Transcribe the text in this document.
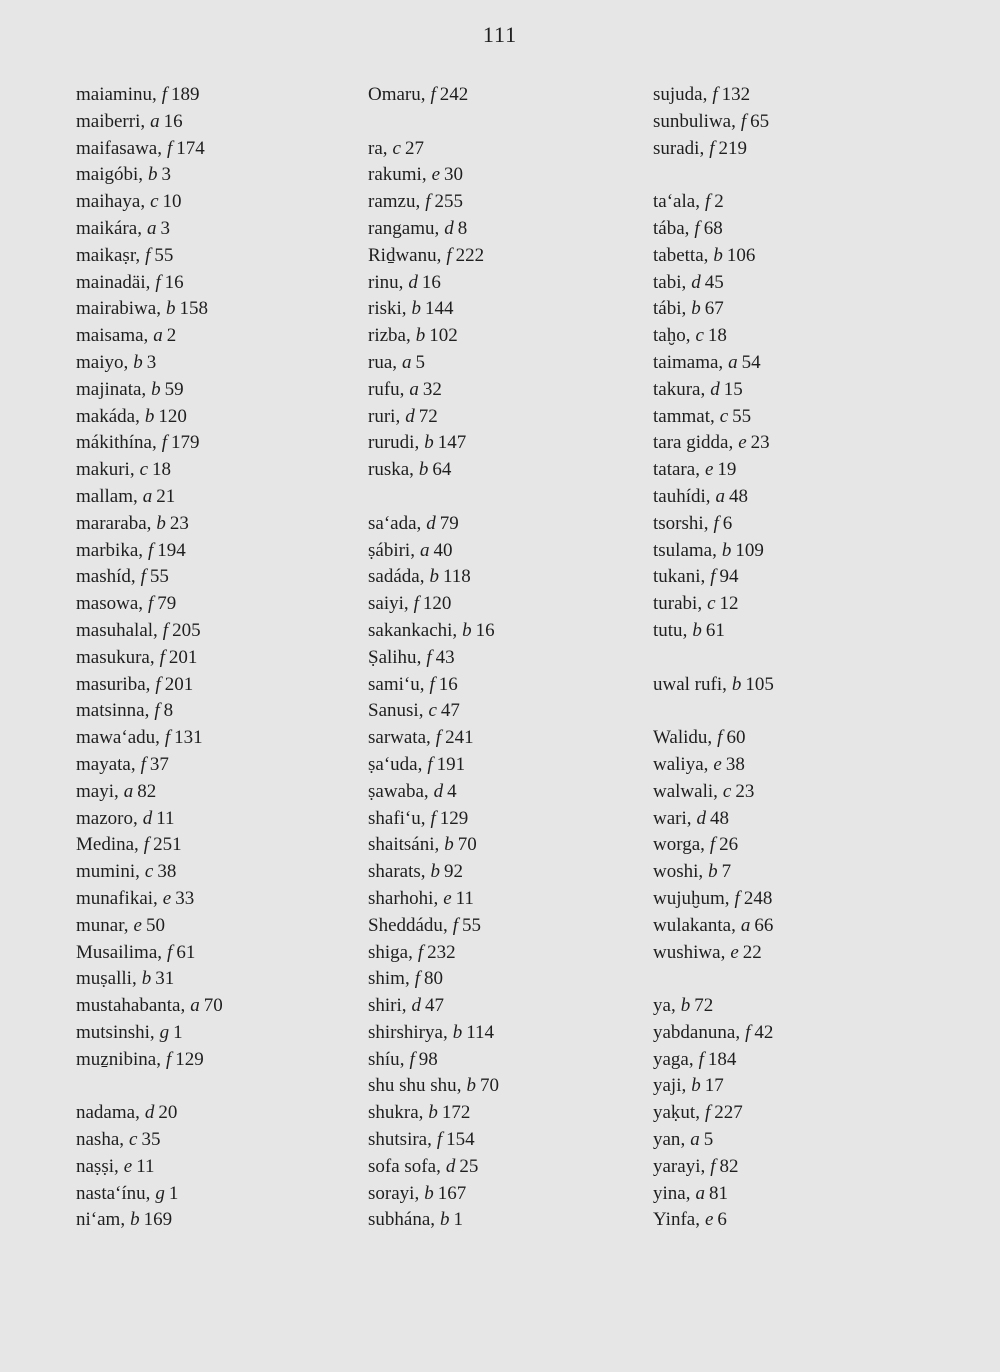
111
maiaminu, f 189
maiberri, a 16
maifasawa, f 174
maigóbi, b 3
maihaya, c 10
maikára, a 3
maikaṣr, f 55
mainadäi, f 16
mairabiwa, b 158
maisama, a 2
maiyo, b 3
majinata, b 59
makáda, b 120
mákithína, f 179
makuri, c 18
mallam, a 21
mararaba, b 23
marbika, f 194
mashíd, f 55
masowa, f 79
masuhalal, f 205
masukura, f 201
masuriba, f 201
matsinna, f 8
mawa‘adu, f 131
mayata, f 37
mayi, a 82
mazoro, d 11
Medina, f 251
mumini, c 38
munafikai, e 33
munar, e 50
Musailima, f 61
muṣalli, b 31
mustahabanta, a 70
mutsinshi, g 1
muẕnibina, f 129
nadama, d 20
nasha, c 35
naṣṣi, e 11
nasta‘ínu, g 1
ni‘am, b 169
Omaru, f 242
ra, c 27
rakumi, e 30
ramzu, f 255
rangamu, d 8
Riḏwanu, f 222
rinu, d 16
riski, b 144
rizba, b 102
rua, a 5
rufu, a 32
ruri, d 72
rurudi, b 147
ruska, b 64
sa‘ada, d 79
ṣábiri, a 40
sadáda, b 118
saiyi, f 120
sakankachi, b 16
Ṣalihu, f 43
sami‘u, f 16
Sanusi, c 47
sarwata, f 241
ṣa‘uda, f 191
ṣawaba, d 4
shafi‘u, f 129
shaitsáni, b 70
sharats, b 92
sharhohi, e 11
Sheddádu, f 55
shiga, f 232
shim, f 80
shiri, d 47
shirshirya, b 114
shíu, f 98
shu shu shu, b 70
shukra, b 172
shutsira, f 154
sofa sofa, d 25
sorayi, b 167
subhána, b 1
sujuda, f 132
sunbuliwa, f 65
suradi, f 219
ta‘ala, f 2
tába, f 68
tabetta, b 106
tabi, d 45
tábi, b 67
taḫo, c 18
taimama, a 54
takura, d 15
tammat, c 55
tara gidda, e 23
tatara, e 19
tauhídi, a 48
tsorshi, f 6
tsulama, b 109
tukani, f 94
turabi, c 12
tutu, b 61
uwal rufi, b 105
Walidu, f 60
waliya, e 38
walwali, c 23
wari, d 48
worga, f 26
woshi, b 7
wujuḫum, f 248
wulakanta, a 66
wushiwa, e 22
ya, b 72
yabdanuna, f 42
yaga, f 184
yaji, b 17
yaḳut, f 227
yan, a 5
yarayi, f 82
yina, a 81
Yinfa, e 6
